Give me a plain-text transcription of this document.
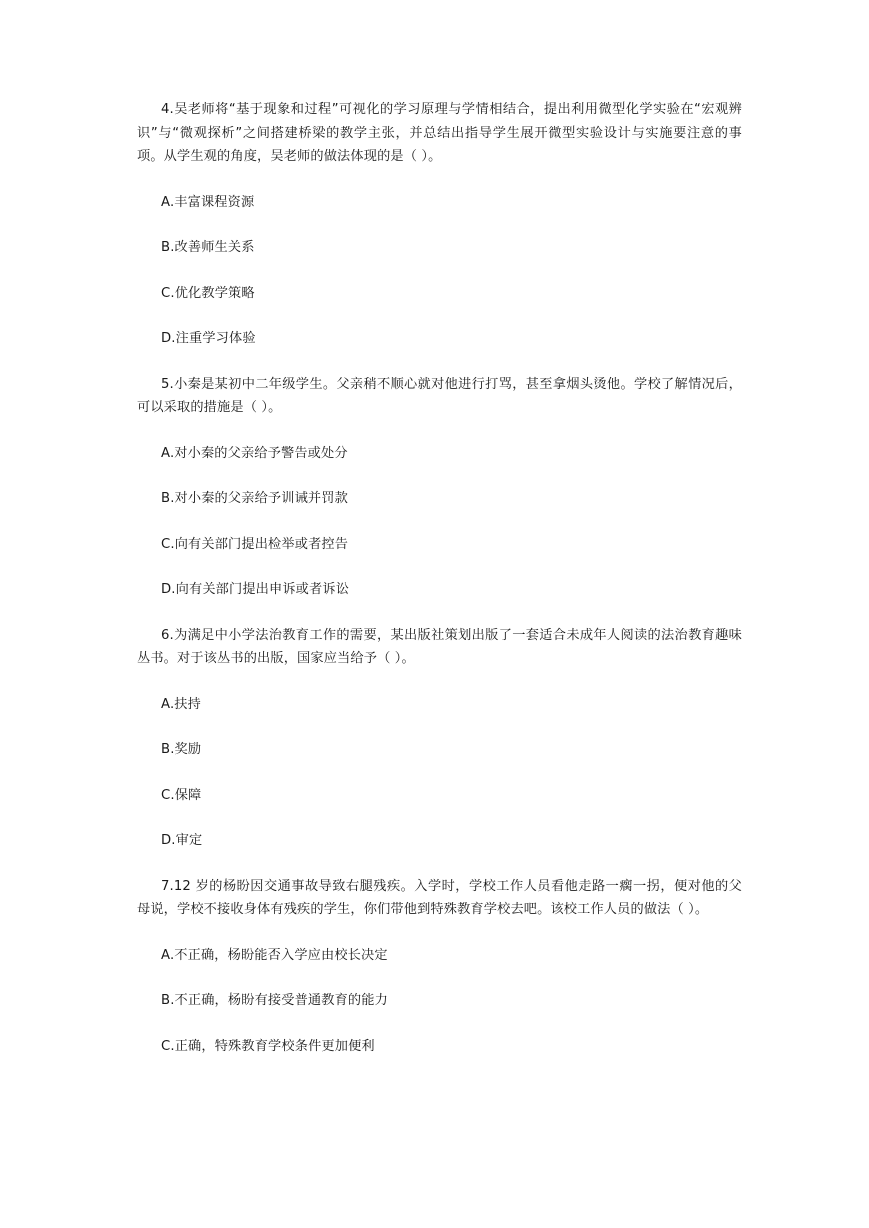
4.吴老师将“基于现象和过程”可视化的学习原理与学情相结合，提出利用微型化学实验在“宏观辨识”与“微观探析”之间搭建桥梁的教学主张，并总结出指导学生展开微型实验设计与实施要注意的事项。从学生观的角度，吴老师的做法体现的是（ ）。

A.丰富课程资源

B.改善师生关系

C.优化教学策略

D.注重学习体验

5.小秦是某初中二年级学生。父亲稍不顺心就对他进行打骂，甚至拿烟头烫他。学校了解情况后，可以采取的措施是（ ）。

A.对小秦的父亲给予警告或处分

B.对小秦的父亲给予训诫并罚款

C.向有关部门提出检举或者控告

D.向有关部门提出申诉或者诉讼

6.为满足中小学法治教育工作的需要，某出版社策划出版了一套适合未成年人阅读的法治教育趣味丛书。对于该丛书的出版，国家应当给予（ ）。

A.扶持

B.奖励

C.保障

D.审定

7.12 岁的杨盼因交通事故导致右腿残疾。入学时，学校工作人员看他走路一瘸一拐，便对他的父母说，学校不接收身体有残疾的学生，你们带他到特殊教育学校去吧。该校工作人员的做法（ ）。

A.不正确，杨盼能否入学应由校长决定

B.不正确，杨盼有接受普通教育的能力

C.正确，特殊教育学校条件更加便利
